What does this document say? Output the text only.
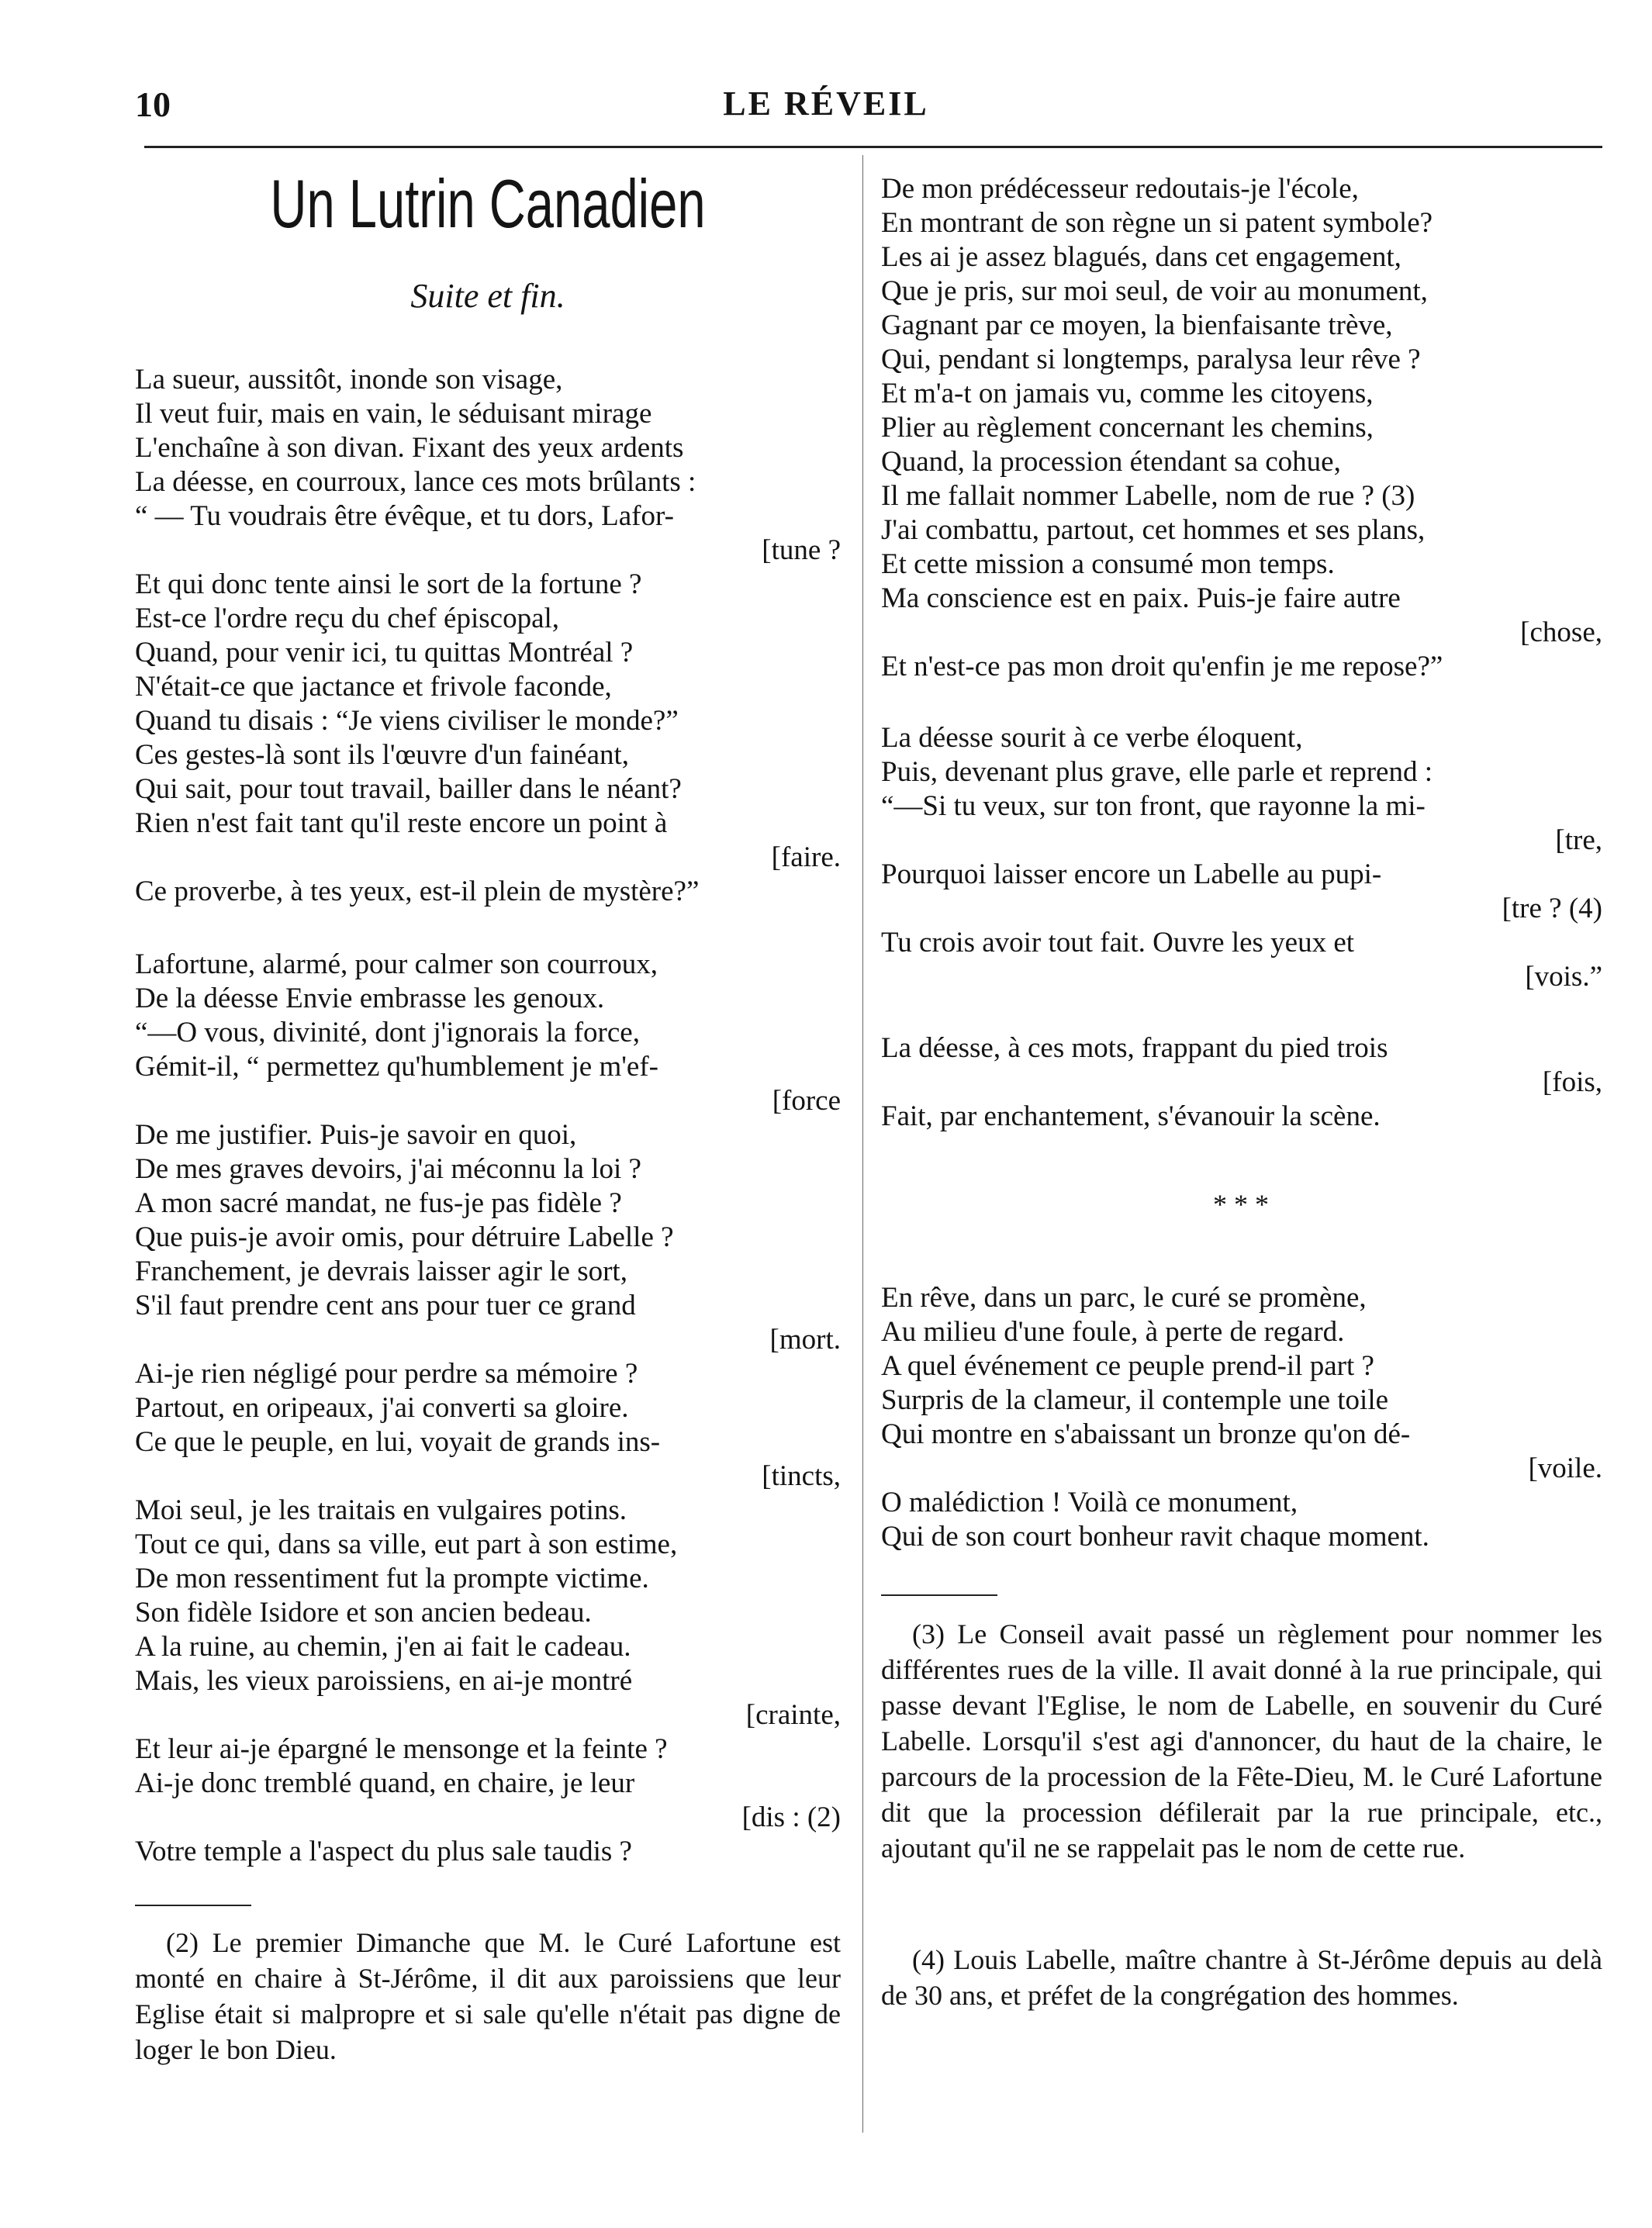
10	LE RÉVEIL
Un Lutrin Canadien
Suite et fin.
La sueur, aussitôt, inonde son visage,
Il veut fuir, mais en vain, le séduisant mirage
L'enchaîne à son divan. Fixant des yeux ardents
La déesse, en courroux, lance ces mots brûlants :
“ — Tu voudrais être évêque, et tu dors, Lafor-
[tune ?
Et qui donc tente ainsi le sort de la fortune ?
Est-ce l'ordre reçu du chef épiscopal,
Quand, pour venir ici, tu quittas Montréal ?
N'était-ce que jactance et frivole faconde,
Quand tu disais : “Je viens civiliser le monde?”
Ces gestes-là sont ils l'œuvre d'un fainéant,
Qui sait, pour tout travail, bailler dans le néant?
Rien n'est fait tant qu'il reste encore un point à
[faire.
Ce proverbe, à tes yeux, est-il plein de mystère?”
Lafortune, alarmé, pour calmer son courroux,
De la déesse Envie embrasse les genoux.
“—O vous, divinité, dont j'ignorais la force,
Gémit-il, “ permettez qu'humblement je m'ef-
[force
De me justifier. Puis-je savoir en quoi,
De mes graves devoirs, j'ai méconnu la loi ?
A mon sacré mandat, ne fus-je pas fidèle ?
Que puis-je avoir omis, pour détruire Labelle ?
Franchement, je devrais laisser agir le sort,
S'il faut prendre cent ans pour tuer ce grand
[mort.
Ai-je rien négligé pour perdre sa mémoire ?
Partout, en oripeaux, j'ai converti sa gloire.
Ce que le peuple, en lui, voyait de grands ins-
[tincts,
Moi seul, je les traitais en vulgaires potins.
Tout ce qui, dans sa ville, eut part à son estime,
De mon ressentiment fut la prompte victime.
Son fidèle Isidore et son ancien bedeau.
A la ruine, au chemin, j'en ai fait le cadeau.
Mais, les vieux paroissiens, en ai-je montré
[crainte,
Et leur ai-je épargné le mensonge et la feinte ?
Ai-je donc tremblé quand, en chaire, je leur
[dis : (2)
Votre temple a l'aspect du plus sale taudis ?
(2) Le premier Dimanche que M. le Curé Lafortune est monté en chaire à St-Jérôme, il dit aux paroissiens que leur Eglise était si malpropre et si sale qu'elle n'était pas digne de loger le bon Dieu.
De mon prédécesseur redoutais-je l'école,
En montrant de son règne un si patent symbole?
Les ai je assez blagués, dans cet engagement,
Que je pris, sur moi seul, de voir au monument,
Gagnant par ce moyen, la bienfaisante trève,
Qui, pendant si longtemps, paralysa leur rêve ?
Et m'a-t on jamais vu, comme les citoyens,
Plier au règlement concernant les chemins,
Quand, la procession étendant sa cohue,
Il me fallait nommer Labelle, nom de rue ? (3)
J'ai combattu, partout, cet hommes et ses plans,
Et cette mission a consumé mon temps.
Ma conscience est en paix. Puis-je faire autre
[chose,
Et n'est-ce pas mon droit qu'enfin je me repose?”
La déesse sourit à ce verbe éloquent,
Puis, devenant plus grave, elle parle et reprend :
“—Si tu veux, sur ton front, que rayonne la mi-
[tre,
Pourquoi laisser encore un Labelle au pupi-
[tre ? (4)
Tu crois avoir tout fait. Ouvre les yeux et
[vois.”
La déesse, à ces mots, frappant du pied trois
[fois,
Fait, par enchantement, s'évanouir la scène.
* * *
En rêve, dans un parc, le curé se promène,
Au milieu d'une foule, à perte de regard.
A quel événement ce peuple prend-il part ?
Surpris de la clameur, il contemple une toile
Qui montre en s'abaissant un bronze qu'on dé-
[voile.
O malédiction ! Voilà ce monument,
Qui de son court bonheur ravit chaque moment.
(3) Le Conseil avait passé un règlement pour nommer les différentes rues de la ville. Il avait donné à la rue principale, qui passe devant l'Eglise, le nom de Labelle, en souvenir du Curé Labelle. Lorsqu'il s'est agi d'annoncer, du haut de la chaire, le parcours de la procession de la Fête-Dieu, M. le Curé Lafortune dit que la procession défilerait par la rue principale, etc., ajoutant qu'il ne se rappelait pas le nom de cette rue.
(4) Louis Labelle, maître chantre à St-Jérôme depuis au delà de 30 ans, et préfet de la congrégation des hommes.
